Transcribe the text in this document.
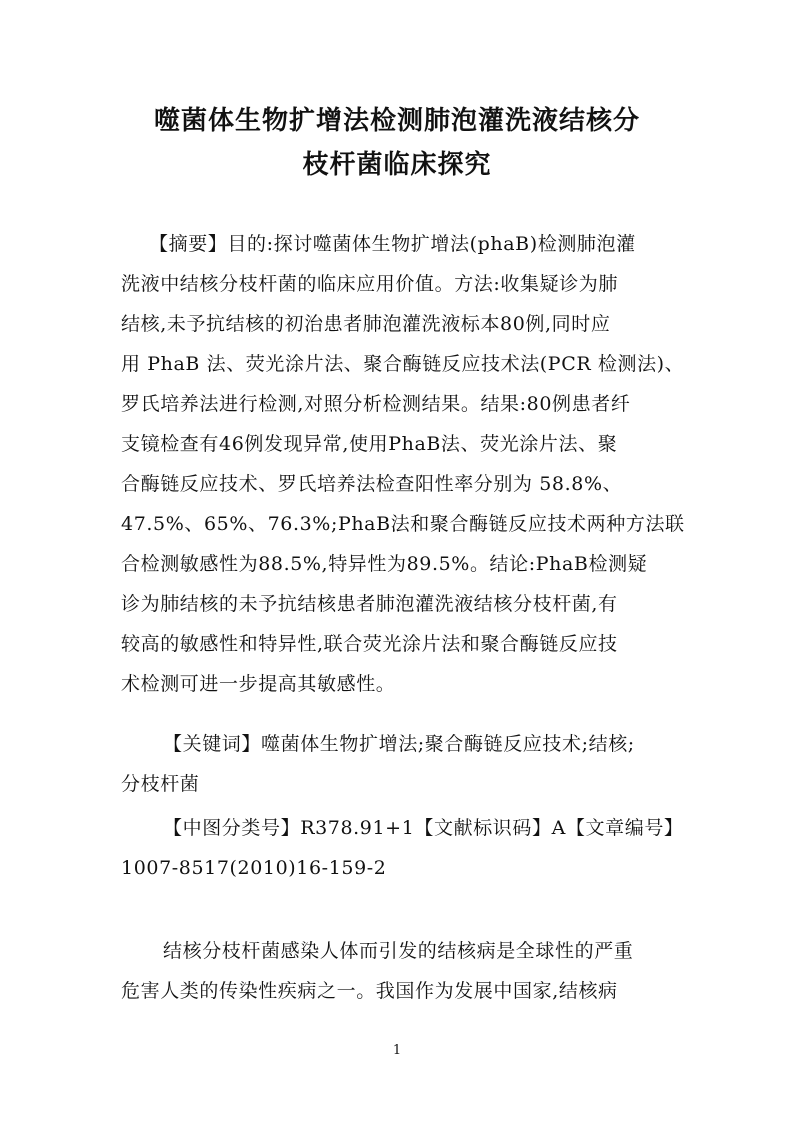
噬菌体生物扩增法检测肺泡灌洗液结核分
枝杆菌临床探究
【摘要】目的:探讨噬菌体生物扩增法(phaB)检测肺泡灌
洗液中结核分枝杆菌的临床应用价值。方法:收集疑诊为肺
结核,未予抗结核的初治患者肺泡灌洗液标本80例,同时应
用 PhaB 法、荧光涂片法、聚合酶链反应技术法(PCR 检测法)、
罗氏培养法进行检测,对照分析检测结果。结果:80例患者纤
支镜检查有46例发现异常,使用PhaB法、荧光涂片法、聚
合酶链反应技术、罗氏培养法检查阳性率分别为 58.8%、
47.5%、65%、76.3%;PhaB法和聚合酶链反应技术两种方法联
合检测敏感性为88.5%,特异性为89.5%。结论:PhaB检测疑
诊为肺结核的未予抗结核患者肺泡灌洗液结核分枝杆菌,有
较高的敏感性和特异性,联合荧光涂片法和聚合酶链反应技
术检测可进一步提高其敏感性。
【关键词】噬菌体生物扩增法;聚合酶链反应技术;结核;
分枝杆菌
【中图分类号】R378.91+1【文献标识码】A【文章编号】
1007-8517(2010)16-159-2
结核分枝杆菌感染人体而引发的结核病是全球性的严重
危害人类的传染性疾病之一。我国作为发展中国家,结核病
1
